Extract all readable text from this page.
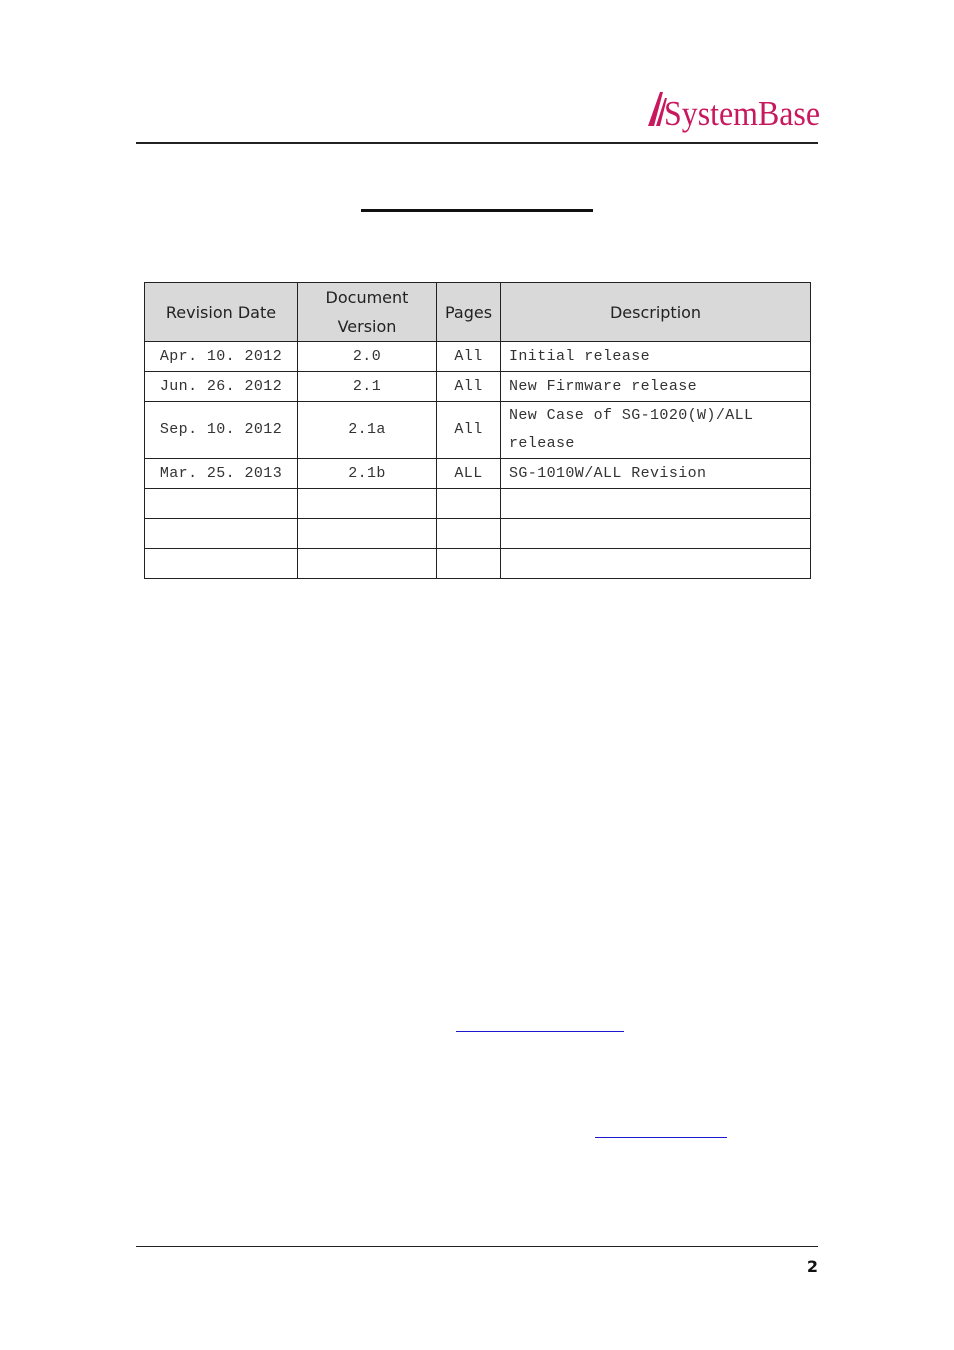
SystemBase
Revision Date	Document Version	Pages	Description
Apr. 10. 2012	2.0	All	Initial release
Jun. 26. 2012	2.1	All	New Firmware release
Sep. 10. 2012	2.1a	All	New Case of SG-1020(W)/ALL release

Mar. 25. 2013	2.1b	ALL	SG-1010W/ALL Revision

2
